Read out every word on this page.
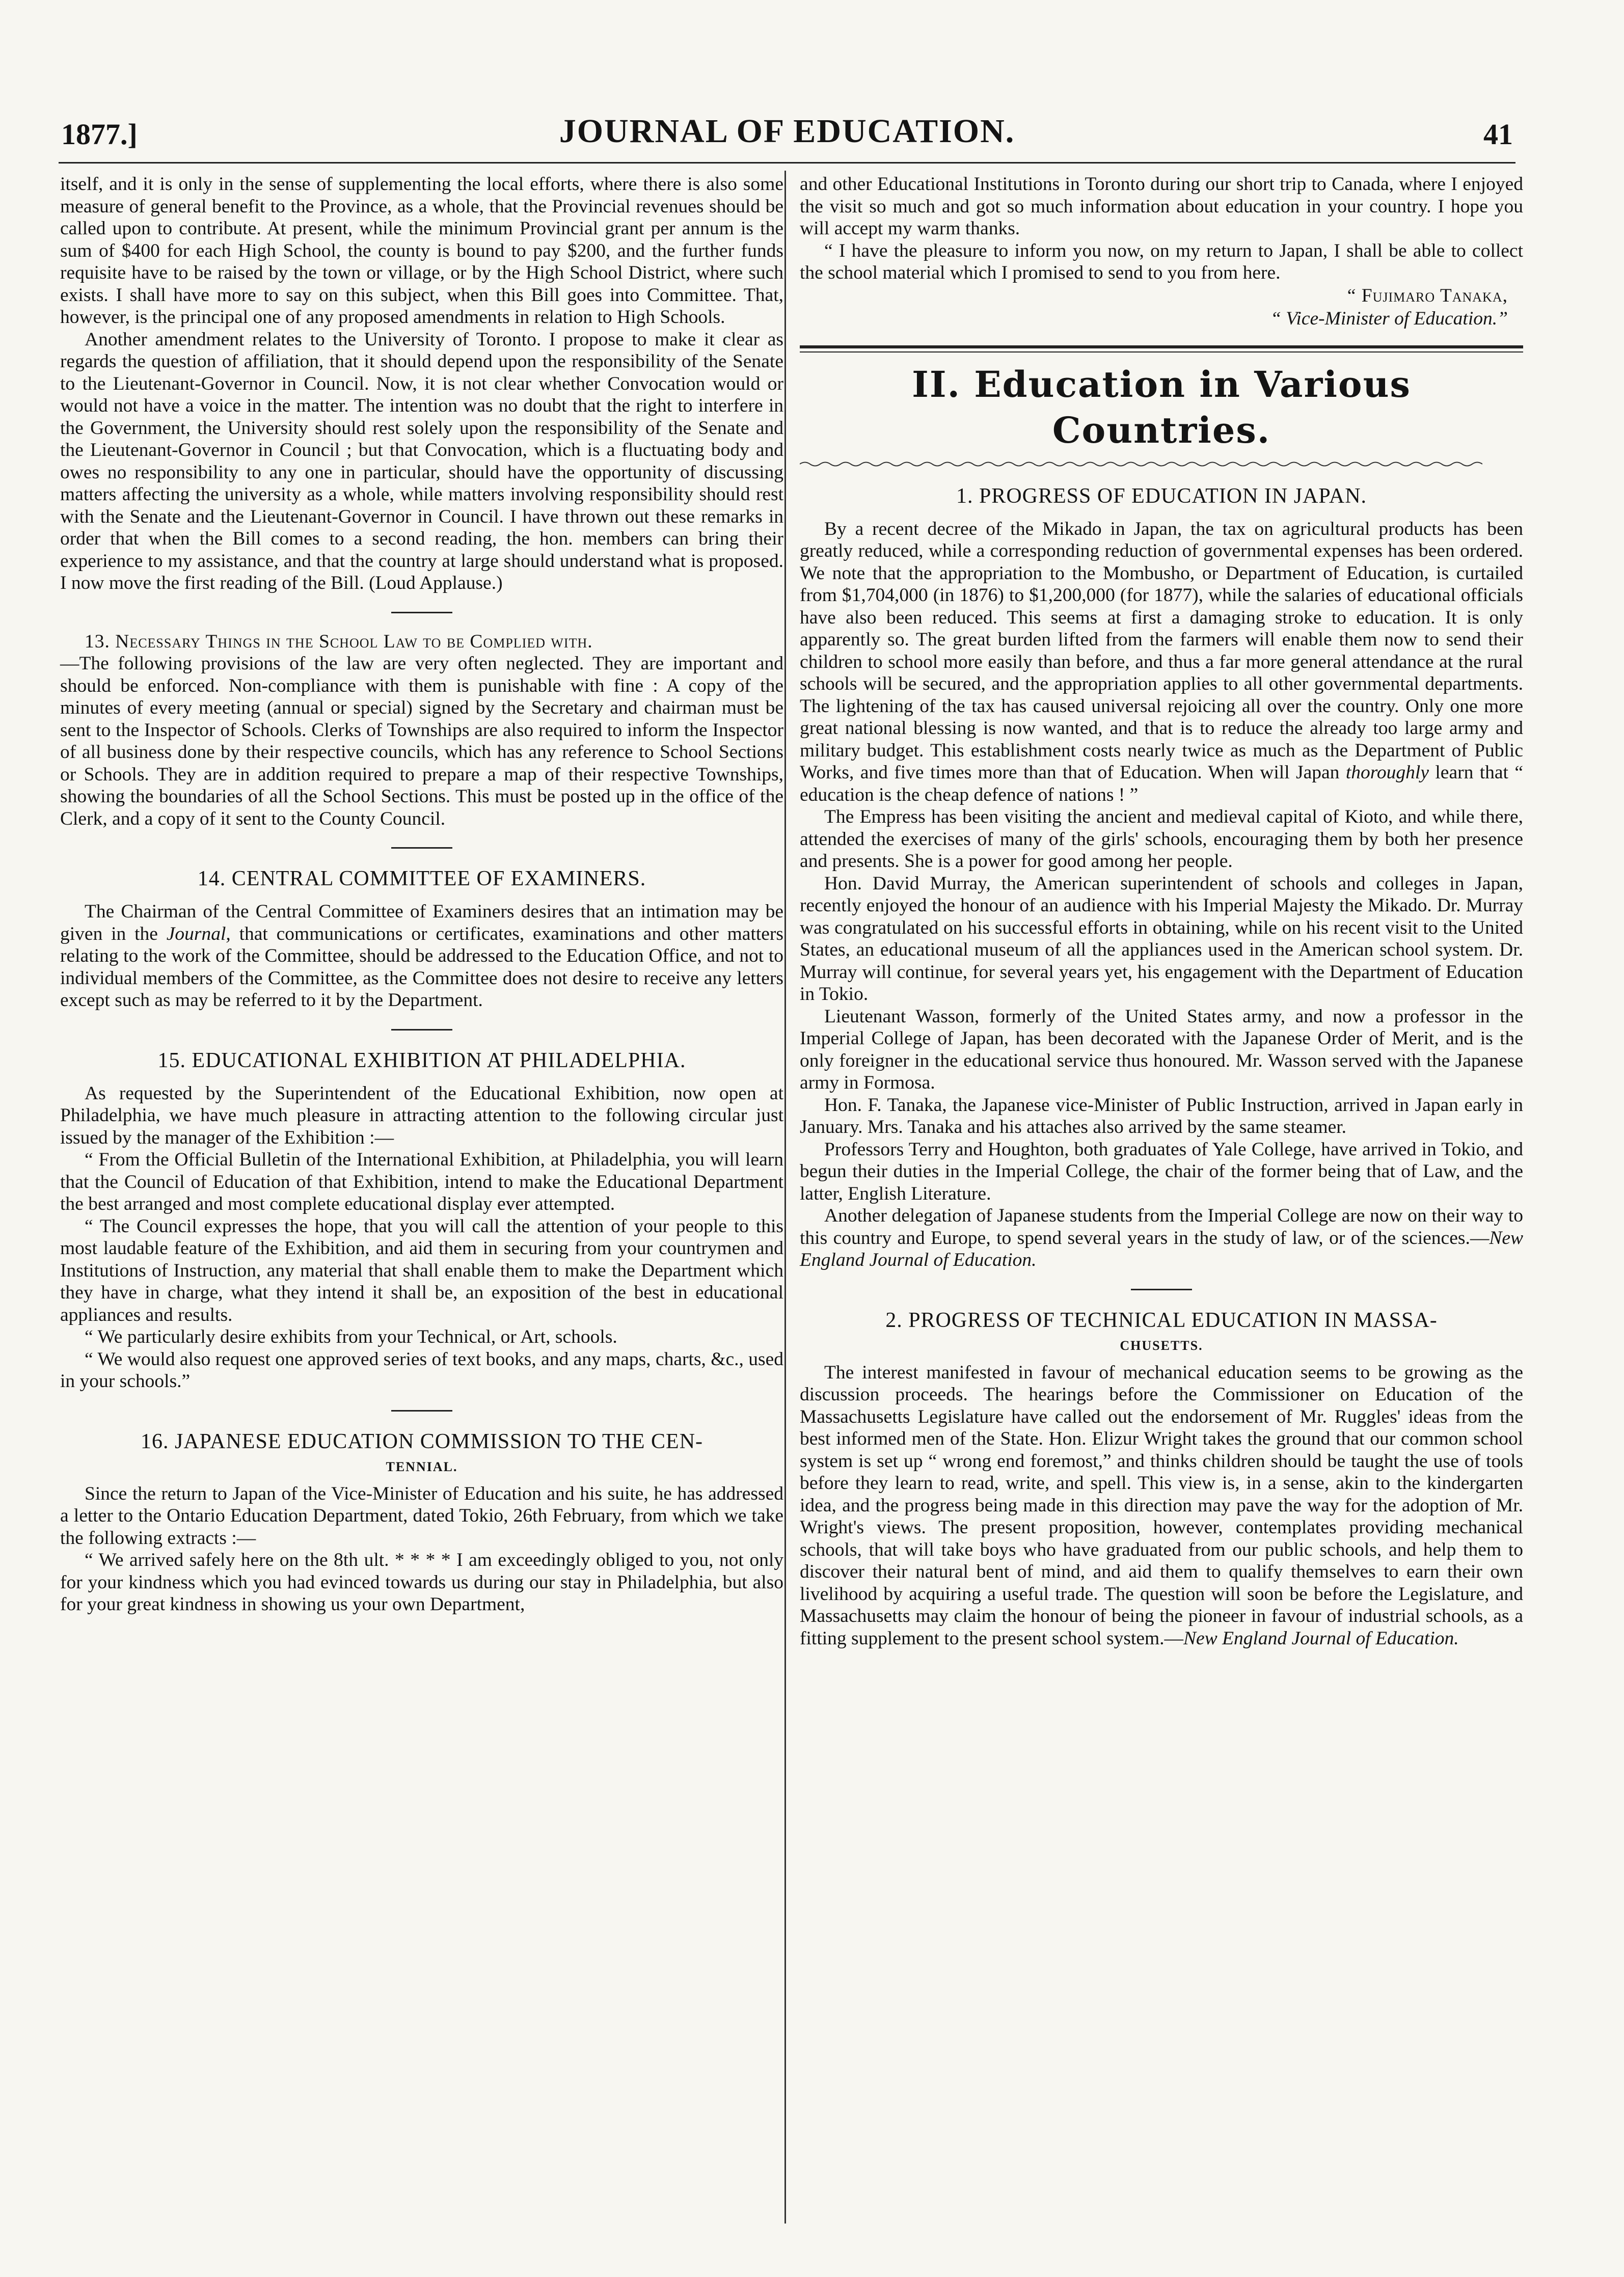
1877.]	JOURNAL OF EDUCATION.	41

itself, and it is only in the sense of supplementing the local efforts, where there is also some measure of general benefit to the Province, as a whole, that the Provincial revenues should be called upon to contribute. At present, while the minimum Provincial grant per annum is the sum of $400 for each High School, the county is bound to pay $200, and the further funds requisite have to be raised by the town or village, or by the High School District, where such exists. I shall have more to say on this subject, when this Bill goes into Committee. That, however, is the principal one of any proposed amendments in relation to High Schools.

Another amendment relates to the University of Toronto. I propose to make it clear as regards the question of affiliation, that it should depend upon the responsibility of the Senate to the Lieutenant-Governor in Council. Now, it is not clear whether Convocation would or would not have a voice in the matter. The intention was no doubt that the right to interfere in the Government, the University should rest solely upon the responsibility of the Senate and the Lieutenant-Governor in Council ; but that Convocation, which is a fluctuating body and owes no responsibility to any one in particular, should have the opportunity of discussing matters affecting the university as a whole, while matters involving responsibility should rest with the Senate and the Lieutenant-Governor in Council. I have thrown out these remarks in order that when the Bill comes to a second reading, the hon. members can bring their experience to my assistance, and that the country at large should understand what is proposed. I now move the first reading of the Bill. (Loud Applause.)

13. Necessary Things in the School Law to be Complied with.
—The following provisions of the law are very often neglected. They are important and should be enforced. Non-compliance with them is punishable with fine : A copy of the minutes of every meeting (annual or special) signed by the Secretary and chairman must be sent to the Inspector of Schools. Clerks of Townships are also required to inform the Inspector of all business done by their respective councils, which has any reference to School Sections or Schools. They are in addition required to prepare a map of their respective Townships, showing the boundaries of all the School Sections. This must be posted up in the office of the Clerk, and a copy of it sent to the County Council.

14. CENTRAL COMMITTEE OF EXAMINERS.

The Chairman of the Central Committee of Examiners desires that an intimation may be given in the Journal, that communications or certificates, examinations and other matters relating to the work of the Committee, should be addressed to the Education Office, and not to individual members of the Committee, as the Committee does not desire to receive any letters except such as may be referred to it by the Department.

15. EDUCATIONAL EXHIBITION AT PHILADELPHIA.

As requested by the Superintendent of the Educational Exhibition, now open at Philadelphia, we have much pleasure in attracting attention to the following circular just issued by the manager of the Exhibition :—

“ From the Official Bulletin of the International Exhibition, at Philadelphia, you will learn that the Council of Education of that Exhibition, intend to make the Educational Department the best arranged and most complete educational display ever attempted.

“ The Council expresses the hope, that you will call the attention of your people to this most laudable feature of the Exhibition, and aid them in securing from your countrymen and Institutions of Instruction, any material that shall enable them to make the Department which they have in charge, what they intend it shall be, an exposition of the best in educational appliances and results.

“ We particularly desire exhibits from your Technical, or Art, schools.

“ We would also request one approved series of text books, and any maps, charts, &c., used in your schools.”

16. JAPANESE EDUCATION COMMISSION TO THE CEN-
TENNIAL.

Since the return to Japan of the Vice-Minister of Education and his suite, he has addressed a letter to the Ontario Education Department, dated Tokio, 26th February, from which we take the following extracts :—

“ We arrived safely here on the 8th ult. * * * * I am exceedingly obliged to you, not only for your kindness which you had evinced towards us during our stay in Philadelphia, but also for your great kindness in showing us your own Department,

and other Educational Institutions in Toronto during our short trip to Canada, where I enjoyed the visit so much and got so much information about education in your country. I hope you will accept my warm thanks.

“ I have the pleasure to inform you now, on my return to Japan, I shall be able to collect the school material which I promised to send to you from here.

“ Fujimaro Tanaka,
“ Vice-Minister of Education.”
II. Education in Various Countries.
1. PROGRESS OF EDUCATION IN JAPAN.

By a recent decree of the Mikado in Japan, the tax on agricultural products has been greatly reduced, while a corresponding reduction of governmental expenses has been ordered. We note that the appropriation to the Mombusho, or Department of Education, is curtailed from $1,704,000 (in 1876) to $1,200,000 (for 1877), while the salaries of educational officials have also been reduced. This seems at first a damaging stroke to education. It is only apparently so. The great burden lifted from the farmers will enable them now to send their children to school more easily than before, and thus a far more general attendance at the rural schools will be secured, and the appropriation applies to all other governmental departments. The lightening of the tax has caused universal rejoicing all over the country. Only one more great national blessing is now wanted, and that is to reduce the already too large army and military budget. This establishment costs nearly twice as much as the Department of Public Works, and five times more than that of Education. When will Japan thoroughly learn that “ education is the cheap defence of nations ! ”

The Empress has been visiting the ancient and medieval capital of Kioto, and while there, attended the exercises of many of the girls' schools, encouraging them by both her presence and presents. She is a power for good among her people.

Hon. David Murray, the American superintendent of schools and colleges in Japan, recently enjoyed the honour of an audience with his Imperial Majesty the Mikado. Dr. Murray was congratulated on his successful efforts in obtaining, while on his recent visit to the United States, an educational museum of all the appliances used in the American school system. Dr. Murray will continue, for several years yet, his engagement with the Department of Education in Tokio.

Lieutenant Wasson, formerly of the United States army, and now a professor in the Imperial College of Japan, has been decorated with the Japanese Order of Merit, and is the only foreigner in the educational service thus honoured. Mr. Wasson served with the Japanese army in Formosa.

Hon. F. Tanaka, the Japanese vice-Minister of Public Instruction, arrived in Japan early in January. Mrs. Tanaka and his attaches also arrived by the same steamer.

Professors Terry and Houghton, both graduates of Yale College, have arrived in Tokio, and begun their duties in the Imperial College, the chair of the former being that of Law, and the latter, English Literature.

Another delegation of Japanese students from the Imperial College are now on their way to this country and Europe, to spend several years in the study of law, or of the sciences.—New England Journal of Education.

2. PROGRESS OF TECHNICAL EDUCATION IN MASSA-
CHUSETTS.

The interest manifested in favour of mechanical education seems to be growing as the discussion proceeds. The hearings before the Commissioner on Education of the Massachusetts Legislature have called out the endorsement of Mr. Ruggles' ideas from the best informed men of the State. Hon. Elizur Wright takes the ground that our common school system is set up “ wrong end foremost,” and thinks children should be taught the use of tools before they learn to read, write, and spell. This view is, in a sense, akin to the kindergarten idea, and the progress being made in this direction may pave the way for the adoption of Mr. Wright's views. The present proposition, however, contemplates providing mechanical schools, that will take boys who have graduated from our public schools, and help them to discover their natural bent of mind, and aid them to qualify themselves to earn their own livelihood by acquiring a useful trade. The question will soon be before the Legislature, and Massachusetts may claim the honour of being the pioneer in favour of industrial schools, as a fitting supplement to the present school system.—New England Journal of Education.
